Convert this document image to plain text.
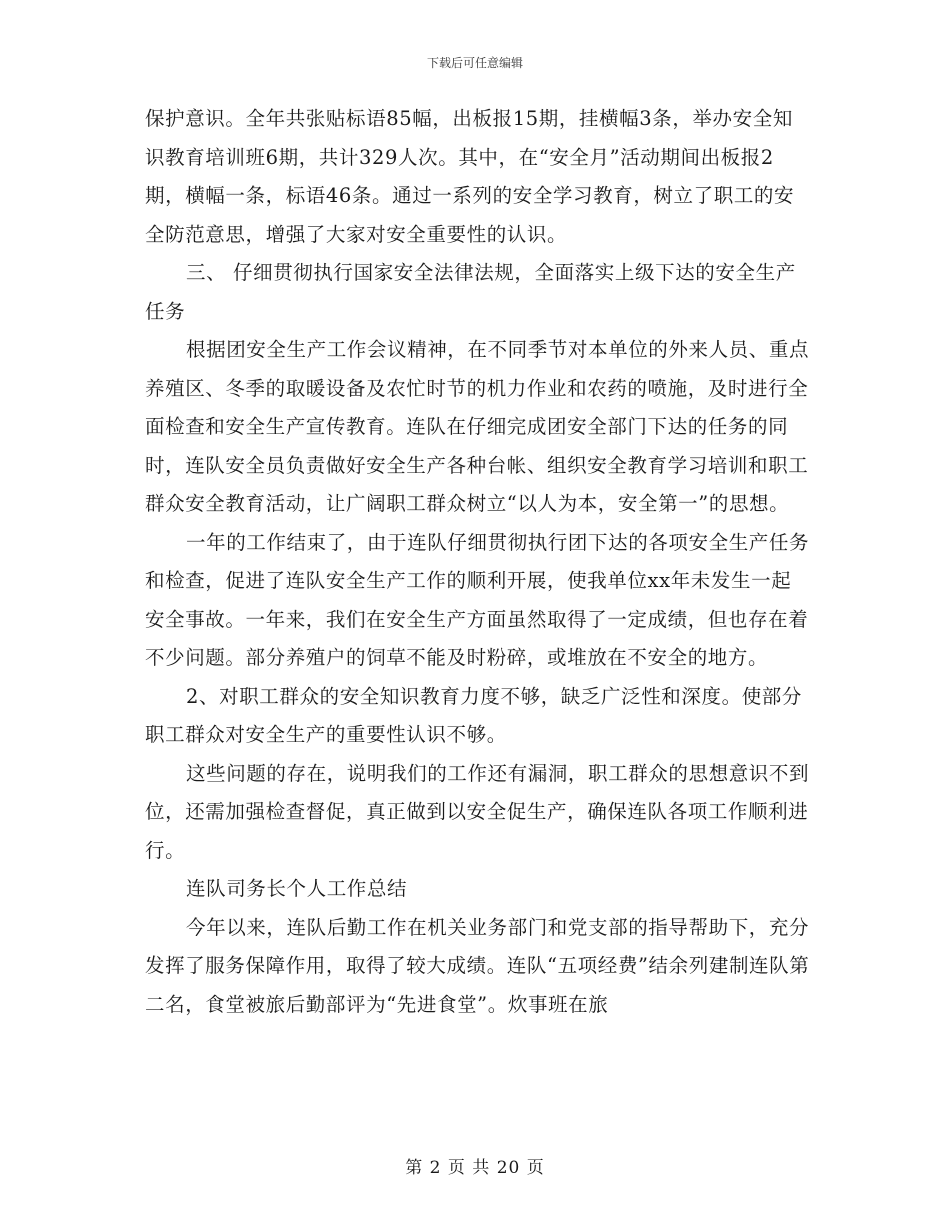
下载后可任意编辑

保护意识。全年共张贴标语85幅，出板报15期，挂横幅3条，举办安全知识教育培训班6期，共计329人次。其中，在“安全月”活动期间出板报2期，横幅一条，标语46条。通过一系列的安全学习教育，树立了职工的安全防范意思，增强了大家对安全重要性的认识。

三、 仔细贯彻执行国家安全法律法规，全面落实上级下达的安全生产任务

根据团安全生产工作会议精神，在不同季节对本单位的外来人员、重点养殖区、冬季的取暖设备及农忙时节的机力作业和农药的喷施，及时进行全面检查和安全生产宣传教育。连队在仔细完成团安全部门下达的任务的同时，连队安全员负责做好安全生产各种台帐、组织安全教育学习培训和职工群众安全教育活动，让广阔职工群众树立“以人为本，安全第一”的思想。

一年的工作结束了，由于连队仔细贯彻执行团下达的各项安全生产任务和检查，促进了连队安全生产工作的顺利开展，使我单位xx年未发生一起安全事故。一年来，我们在安全生产方面虽然取得了一定成绩，但也存在着不少问题。部分养殖户的饲草不能及时粉碎，或堆放在不安全的地方。

2、对职工群众的安全知识教育力度不够，缺乏广泛性和深度。使部分职工群众对安全生产的重要性认识不够。

这些问题的存在，说明我们的工作还有漏洞，职工群众的思想意识不到位，还需加强检查督促，真正做到以安全促生产，确保连队各项工作顺利进行。

连队司务长个人工作总结

今年以来，连队后勤工作在机关业务部门和党支部的指导帮助下，充分发挥了服务保障作用，取得了较大成绩。连队“五项经费”结余列建制连队第二名，食堂被旅后勤部评为“先进食堂”。炊事班在旅

第 2 页 共 20 页
